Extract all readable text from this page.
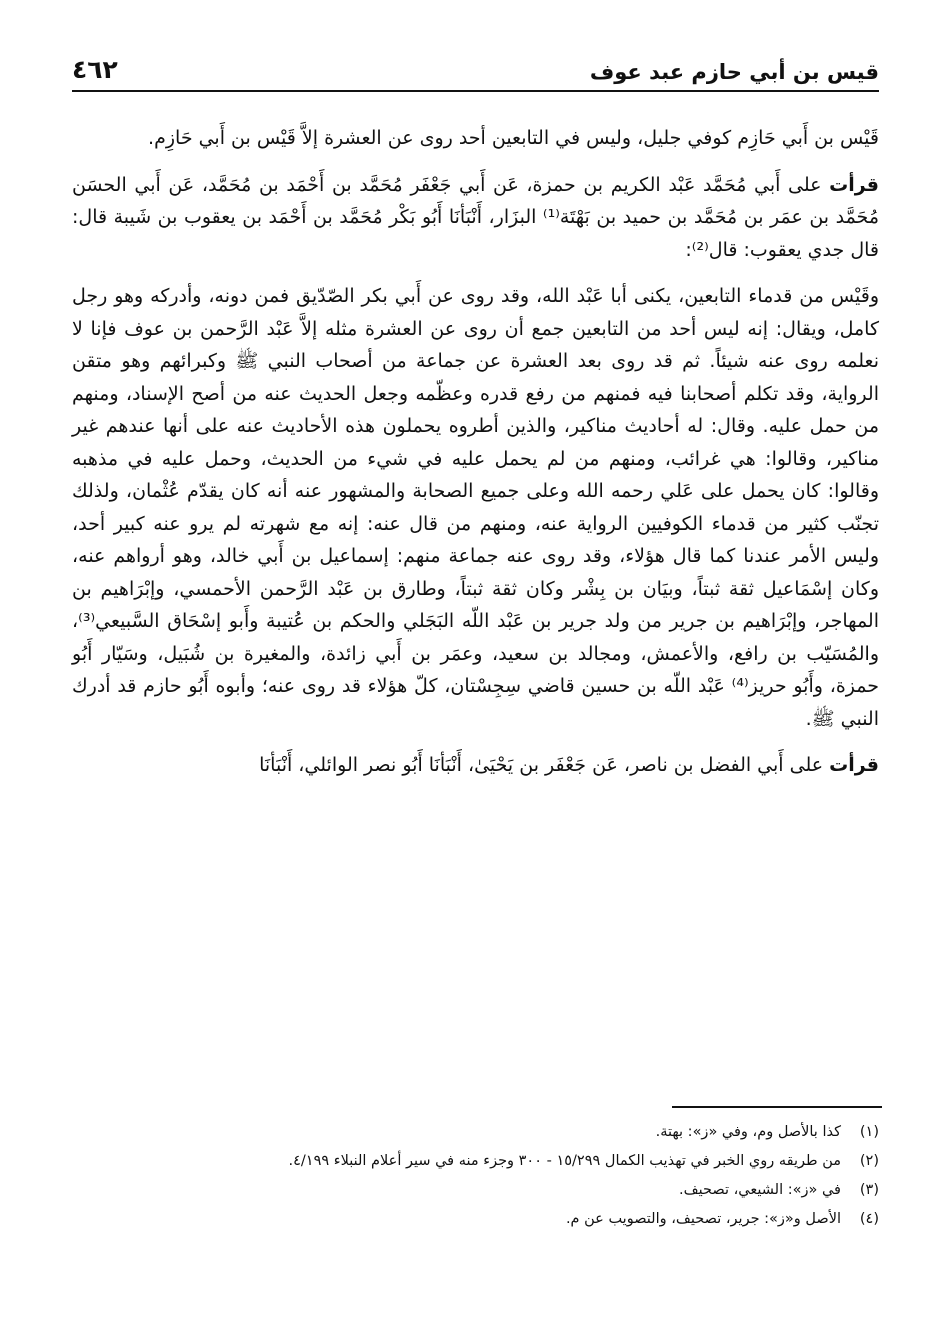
قيس بن أبي حازم عبد عوف
٤٦٢

قَيْس بن أَبي حَازِم كوفي جليل، وليس في التابعين أحد روى عن العشرة إلاَّ قَيْس بن أَبي حَازِم.

قرأت على أَبي مُحَمَّد عَبْد الكريم بن حمزة، عَن أَبي جَعْفَر مُحَمَّد بن أَحْمَد بن مُحَمَّد، عَن أَبي الحسَن مُحَمَّد بن عمَر بن مُحَمَّد بن حميد بن بَهْتَة⁽¹⁾ البزَار، أَنْبَأنَا أَبُو بَكْر مُحَمَّد بن أَحْمَد بن يعقوب بن شَيبة قال: قال جدي يعقوب: قال⁽²⁾:

وقَيْس من قدماء التابعين، يكنى أبا عَبْد الله، وقد روى عن أَبي بكر الصّدّيق فمن دونه، وأدركه وهو رجل كامل، ويقال: إنه ليس أحد من التابعين جمع أن روى عن العشرة مثله إلاَّ عَبْد الرَّحمن بن عوف فإنا لا نعلمه روى عنه شيئاً. ثم قد روى بعد العشرة عن جماعة من أصحاب النبي ﷺ وكبرائهم وهو متقن الرواية، وقد تكلم أصحابنا فيه فمنهم من رفع قدره وعظّمه وجعل الحديث عنه من أصح الإسناد، ومنهم من حمل عليه. وقال: له أحاديث مناكير، والذين أطروه يحملون هذه الأحاديث عنه على أنها عندهم غير مناكير، وقالوا: هي غرائب، ومنهم من لم يحمل عليه في شيء من الحديث، وحمل عليه في مذهبه وقالوا: كان يحمل على عَلي رحمه الله وعلى جميع الصحابة والمشهور عنه أنه كان يقدّم عُثْمان، ولذلك تجنّب كثير من قدماء الكوفيين الرواية عنه، ومنهم من قال عنه: إنه مع شهرته لم يرو عنه كبير أحد، وليس الأمر عندنا كما قال هؤلاء، وقد روى عنه جماعة منهم: إسماعيل بن أَبي خالد، وهو أرواهم عنه، وكان إسْمَاعيل ثقة ثبتاً، وبيَان بن بِشْر وكان ثقة ثبتاً، وطارق بن عَبْد الرَّحمن الأحمسي، وإبْرَاهيم بن المهاجر، وإبْرَاهيم بن جرير من ولد جرير بن عَبْد اللّه البَجَلي والحكم بن عُتيبة وأَبو إسْحَاق السَّبيعي⁽³⁾، والمُسَيّب بن رافع، والأعمش، ومجالد بن سعيد، وعمَر بن أَبي زائدة، والمغيرة بن شُبَيل، وسَيّار أَبُو حمزة، وأَبُو حريز⁽⁴⁾ عَبْد اللّه بن حسين قاضي سِجِسْتان، كلّ هؤلاء قد روى عنه؛ وأبوه أَبُو حازم قد أدرك النبي ﷺ.

قرأت على أَبي الفضل بن ناصر، عَن جَعْفَر بن يَحْيَىٰ، أَنْبَأنَا أَبُو نصر الوائلي، أَنْبَأنَا

(١)
كذا بالأصل وم، وفي «ز»: بهتة.
(٢)
من طريقه روي الخبر في تهذيب الكمال ١٥/٢٩٩ - ٣٠٠ وجزء منه في سير أعلام النبلاء ٤/١٩٩.
(٣)
في «ز»: الشيعي، تصحيف.
(٤)
الأصل و«ز»: جرير، تصحيف، والتصويب عن م.
